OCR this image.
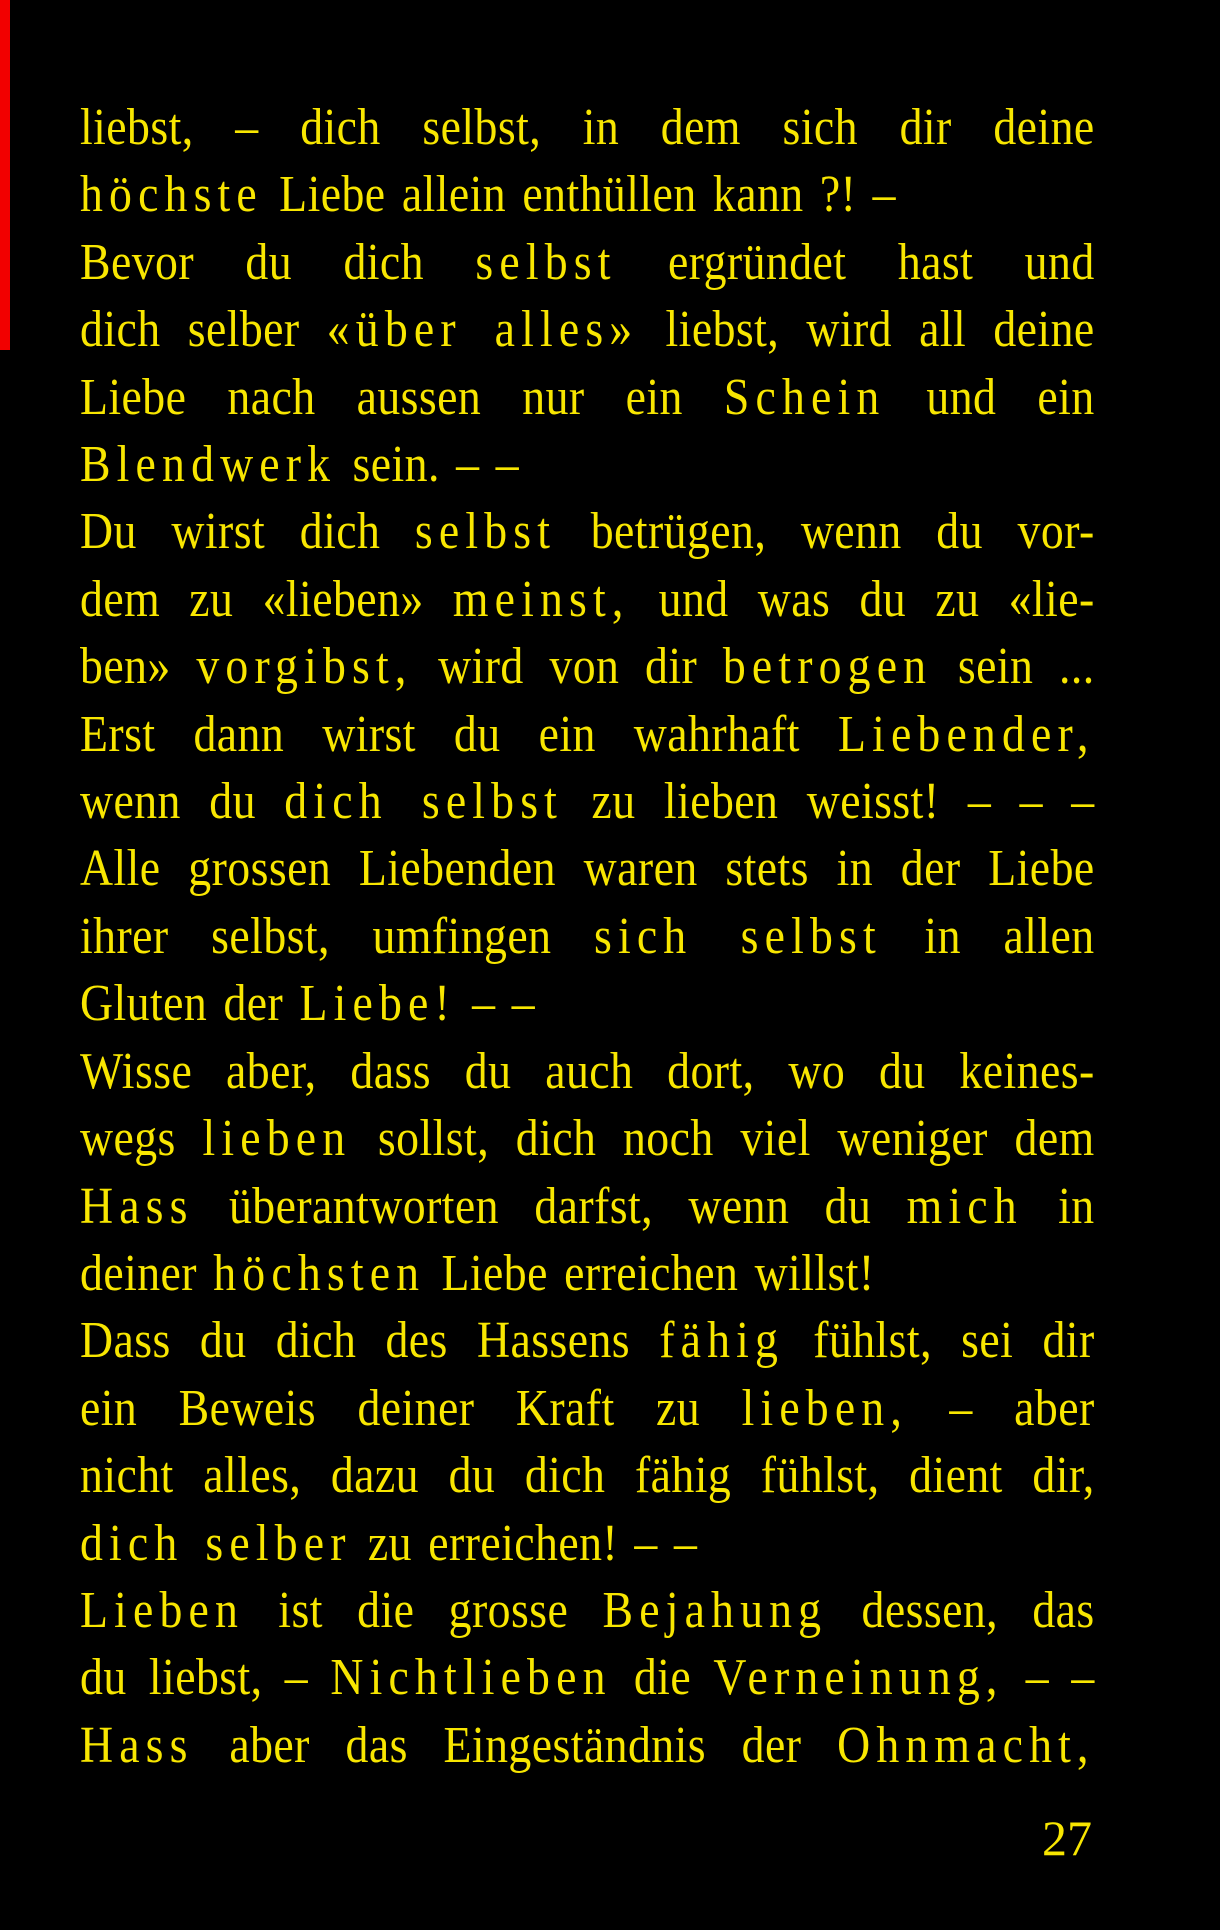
liebst, – dich selbst, in dem sich dir deine
höchste Liebe allein enthüllen kann ?! –
Bevor du dich selbst ergründet hast und
dich selber «über alles» liebst, wird all deine
Liebe nach aussen nur ein Schein und ein
Blendwerk sein. – –
Du wirst dich selbst betrügen, wenn du vor-
dem zu «lieben» meinst, und was du zu «lie-
ben» vorgibst, wird von dir betrogen sein ...
Erst dann wirst du ein wahrhaft Liebender,
wenn du dich selbst zu lieben weisst! – – –
Alle grossen Liebenden waren stets in der Liebe
ihrer selbst, umfingen sich selbst in allen
Gluten der Liebe! – –
Wisse aber, dass du auch dort, wo du keines-
wegs lieben sollst, dich noch viel weniger dem
Hass überantworten darfst, wenn du mich in
deiner höchsten Liebe erreichen willst!
Dass du dich des Hassens fähig fühlst, sei dir
ein Beweis deiner Kraft zu lieben, – aber
nicht alles, dazu du dich fähig fühlst, dient dir,
dich selber zu erreichen! – –
Lieben ist die grosse Bejahung dessen, das
du liebst, – Nichtlieben die Verneinung, – –
Hass aber das Eingeständnis der Ohnmacht,
27
